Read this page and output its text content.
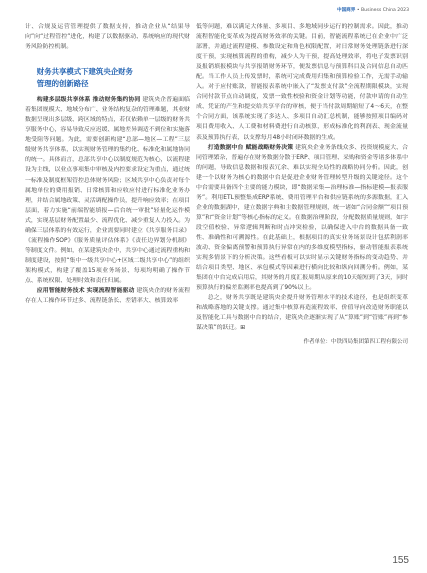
中国商界 • Business China 2023

计、合规及运营管理提供了数据支持，推动企业从“结果导向”向“过程管控”进化，构建了以数据驱动、系统响应的现代财务风险防控机制。

财务共享模式下建筑央企财务
管理的创新路径

构建多层级共享体系 推动财务集约协同 建筑央企普遍面临着集团规模大、地域分布广、业务结构复杂的管理难题，其业财数据呈现出多层级、跨区域的特点，若仅依赖单一层级的财务共享服务中心，容易导致反应迟缓、属地差异调适不到位和实施落地受阻等问题。为此，需要创新构建“总部—地区—工程”三层级财务共享体系，以实现财务管理的集约化、标准化和属地协同的统一。具体而言，总部共享中心以制度规范为核心，以流程建设为主线，以业点事项集中审核及内控要求设定为重点，通过统一标准及制度框架管控总体财务风险；区域共享中心负责对每个属地单位的费用报销、日常核算和应收应付进行标准化业务办理，并结合属地政策、灵活调配操作员，提升响应效率；在项目层面，着力实施“前端智能填报—后台统一审批”轻量化运作模式，实现基层财务配置最少、流程优化、减少重复人力投入。为确保三层体系的有效运行，企业需要同时建立《共享服务目录》《流程操作SOP》《服务质量评估体系》《责任边界划分机制》等制度文件。例如，在某建筑央企中，共享中心通过流程重构和制度建设，按照“集中一级共享中心+区域二级共享中心”的组织架构模式，构建了覆盖15项业务场景、每项均明确了操作节点、系统权限、处理时效和责任归属。

应用智能财务技术 实现流程智能驱动 建筑央企的财务流程存在人工操作环节过多、流程链条长、差错率大、核算效率

低等问题，难以满足大体量、多项目、多地域同步运行的控制需求。因此，推动流程智能化变革成为提高财务效率的关键。目前，智能流程系统已在企业中广泛部署，并通过流程建模、参数设定和角色权限配置，对日常财务处理链条进行深度干预，实现核算流程的重构，减少人为干预，提高处理效率，将电子发票识别及报销填报模块与共享报销财务环节，便发票信息与预算科目及合同信息自动匹配。当工作人员上传发票时，系统可完成费用归集和预算检验工作，无需手动输入。对于应付账款，智能报表系统中嵌入了“发票支付款”全流程期限模块，实现合同付款节点自动调度，发票一致性校验和资金计划等功能，付款申请的自动生成、凭证的产生和提交给共享平台的审核，便于当付款周期缩短了4～6天，在整个合同方面，该系统实现了多达人、多项目自动汇总机制，能够按照项目编码对项目费用收入、人工费和材料费进行自动核算，形成标准化的利润表、现金流量表及预算执行表，以支撑每月48小时闭环数据的生成。

打造数据中台 赋能战略财务决策 建筑央企业务条线众多、投资规模庞大、合同管理繁杂，普遍存在财务数据分散于ERP、项目管理、采购和资金等诸多体系中的问题，导致信息数据和报表冗余、难以实现全局性的战略协同分析。因此，创建一个以财务为核心的数据中台是促进企业财务管理转型升级的关键途径。这个中台需要具备四个主要的能力模块，即“数据采集—治理标准—指标建模—报表服务”。利用ETL预整集成ERP系统、费用管理平台和供应链系统的多源数据，汇入企业的数据湖中，建立数据字典和主数据管理规则，统一诸如“合同金额”“项目预算”和“资金计划”等核心指标的定义。在数据治理阶段，分配数据质量规则，如字段空值校验、异常逻辑判断和时点冲突检验，以确保进入中台的数据具备一致性、准确性和可溯源性。在此基础上，根据项目的真实业务场景设计包括利润率波动、资金偏离预警和预算执行异常在内的多维度模型指标，驱动智能报表系统实现多情景下的分析决策。这些看板可以实时显示关键财务指标的变动趋势、并结合项目类型、地区、承包模式等因素进行横向比较和纵向回溯分析。例如，某集团在中台完成启用后，其财务的月度汇报周期从原来的10天缩短到了3天，同时预算执行的偏差监测率也提高到了90%以上。

总之，财务共享既是建筑央企提升财务管理水平的技术途径，也是组织变革和战略落地的关键支撑。通过集中核算再造流程效率、价值导向改造财务职能以及智能化工具与数据中台的结合，建筑央企逐渐实现了从“算账”到“管账”再到“参谋决策”的跃迁。⊞

作者单位：中铁四局集团第四工程有限公司
155
